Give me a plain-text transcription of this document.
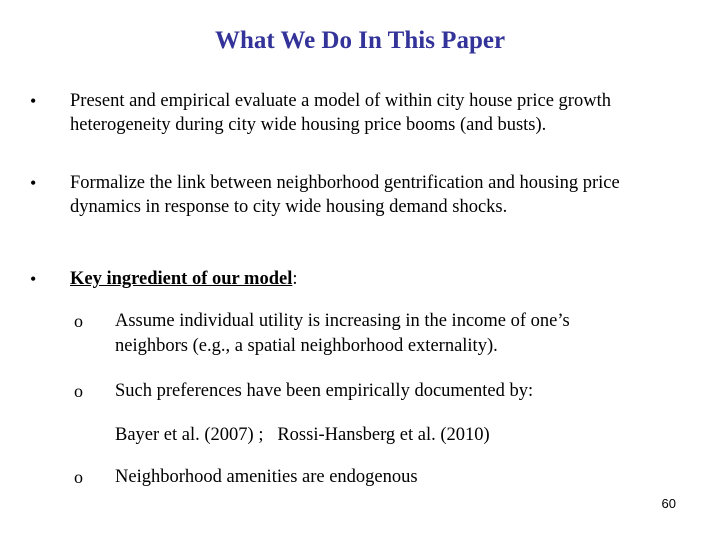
What We Do In This Paper
• Present and empirical evaluate a model of within city house price growth
heterogeneity during city wide housing price booms (and busts).
• Formalize the link between neighborhood gentrification and housing price
dynamics in response to city wide housing demand shocks.
• Key ingredient of our model:
o Assume individual utility is increasing in the income of one’s
neighbors (e.g., a spatial neighborhood externality).
o Such preferences have been empirically documented by:
Bayer et al. (2007) ;   Rossi-Hansberg et al. (2010)
o Neighborhood amenities are endogenous
60
